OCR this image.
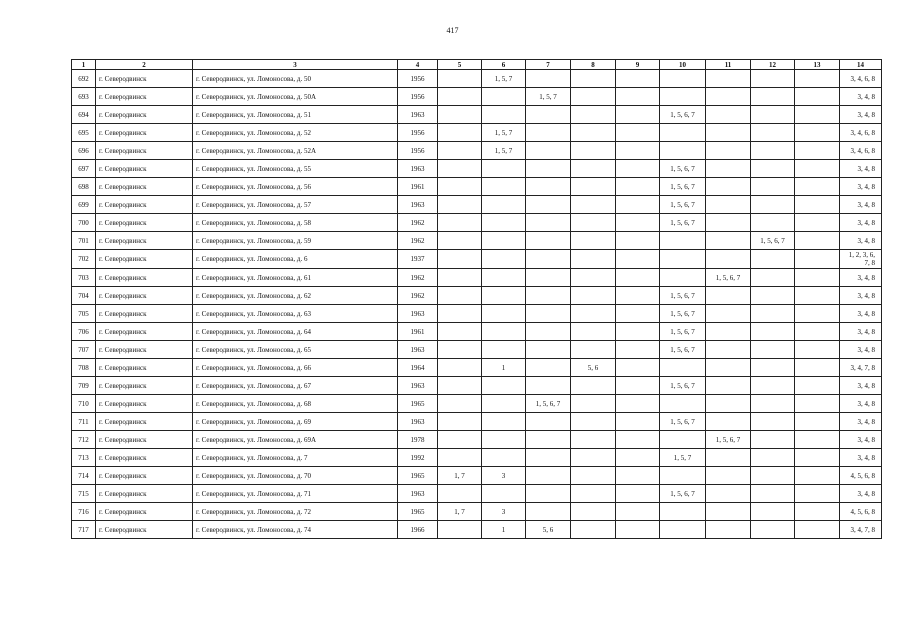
417
1	2	3	4	5	6	7	8	9	10	11	12	13	14
692	г. Северодвинск	г. Северодвинск, ул. Ломоносова, д. 50	1956		1, 5, 7								3, 4, 6, 8
693	г. Северодвинск	г. Северодвинск, ул. Ломоносова, д. 50А	1956			1, 5, 7							3, 4, 8
694	г. Северодвинск	г. Северодвинск, ул. Ломоносова, д. 51	1963						1, 5, 6, 7				3, 4, 8
695	г. Северодвинск	г. Северодвинск, ул. Ломоносова, д. 52	1956		1, 5, 7								3, 4, 6, 8
696	г. Северодвинск	г. Северодвинск, ул. Ломоносова, д. 52А	1956		1, 5, 7								3, 4, 6, 8
697	г. Северодвинск	г. Северодвинск, ул. Ломоносова, д. 55	1963						1, 5, 6, 7				3, 4, 8
698	г. Северодвинск	г. Северодвинск, ул. Ломоносова, д. 56	1961						1, 5, 6, 7				3, 4, 8
699	г. Северодвинск	г. Северодвинск, ул. Ломоносова, д. 57	1963						1, 5, 6, 7				3, 4, 8
700	г. Северодвинск	г. Северодвинск, ул. Ломоносова, д. 58	1962						1, 5, 6, 7				3, 4, 8
701	г. Северодвинск	г. Северодвинск, ул. Ломоносова, д. 59	1962								1, 5, 6, 7		3, 4, 8
702	г. Северодвинск	г. Северодвинск, ул. Ломоносова, д. 6	1937										1, 2, 3, 6, 7, 8
703	г. Северодвинск	г. Северодвинск, ул. Ломоносова, д. 61	1962							1, 5, 6, 7			3, 4, 8
704	г. Северодвинск	г. Северодвинск, ул. Ломоносова, д. 62	1962						1, 5, 6, 7				3, 4, 8
705	г. Северодвинск	г. Северодвинск, ул. Ломоносова, д. 63	1963						1, 5, 6, 7				3, 4, 8
706	г. Северодвинск	г. Северодвинск, ул. Ломоносова, д. 64	1961						1, 5, 6, 7				3, 4, 8
707	г. Северодвинск	г. Северодвинск, ул. Ломоносова, д. 65	1963						1, 5, 6, 7				3, 4, 8
708	г. Северодвинск	г. Северодвинск, ул. Ломоносова, д. 66	1964		1		5, 6						3, 4, 7, 8
709	г. Северодвинск	г. Северодвинск, ул. Ломоносова, д. 67	1963						1, 5, 6, 7				3, 4, 8
710	г. Северодвинск	г. Северодвинск, ул. Ломоносова, д. 68	1965			1, 5, 6, 7							3, 4, 8
711	г. Северодвинск	г. Северодвинск, ул. Ломоносова, д. 69	1963						1, 5, 6, 7				3, 4, 8
712	г. Северодвинск	г. Северодвинск, ул. Ломоносова, д. 69А	1978							1, 5, 6, 7			3, 4, 8
713	г. Северодвинск	г. Северодвинск, ул. Ломоносова, д. 7	1992						1, 5, 7				3, 4, 8
714	г. Северодвинск	г. Северодвинск, ул. Ломоносова, д. 70	1965	1, 7	3								4, 5, 6, 8
715	г. Северодвинск	г. Северодвинск, ул. Ломоносова, д. 71	1963						1, 5, 6, 7				3, 4, 8
716	г. Северодвинск	г. Северодвинск, ул. Ломоносова, д. 72	1965	1, 7	3								4, 5, 6, 8
717	г. Северодвинск	г. Северодвинск, ул. Ломоносова, д. 74	1966		1	5, 6							3, 4, 7, 8
